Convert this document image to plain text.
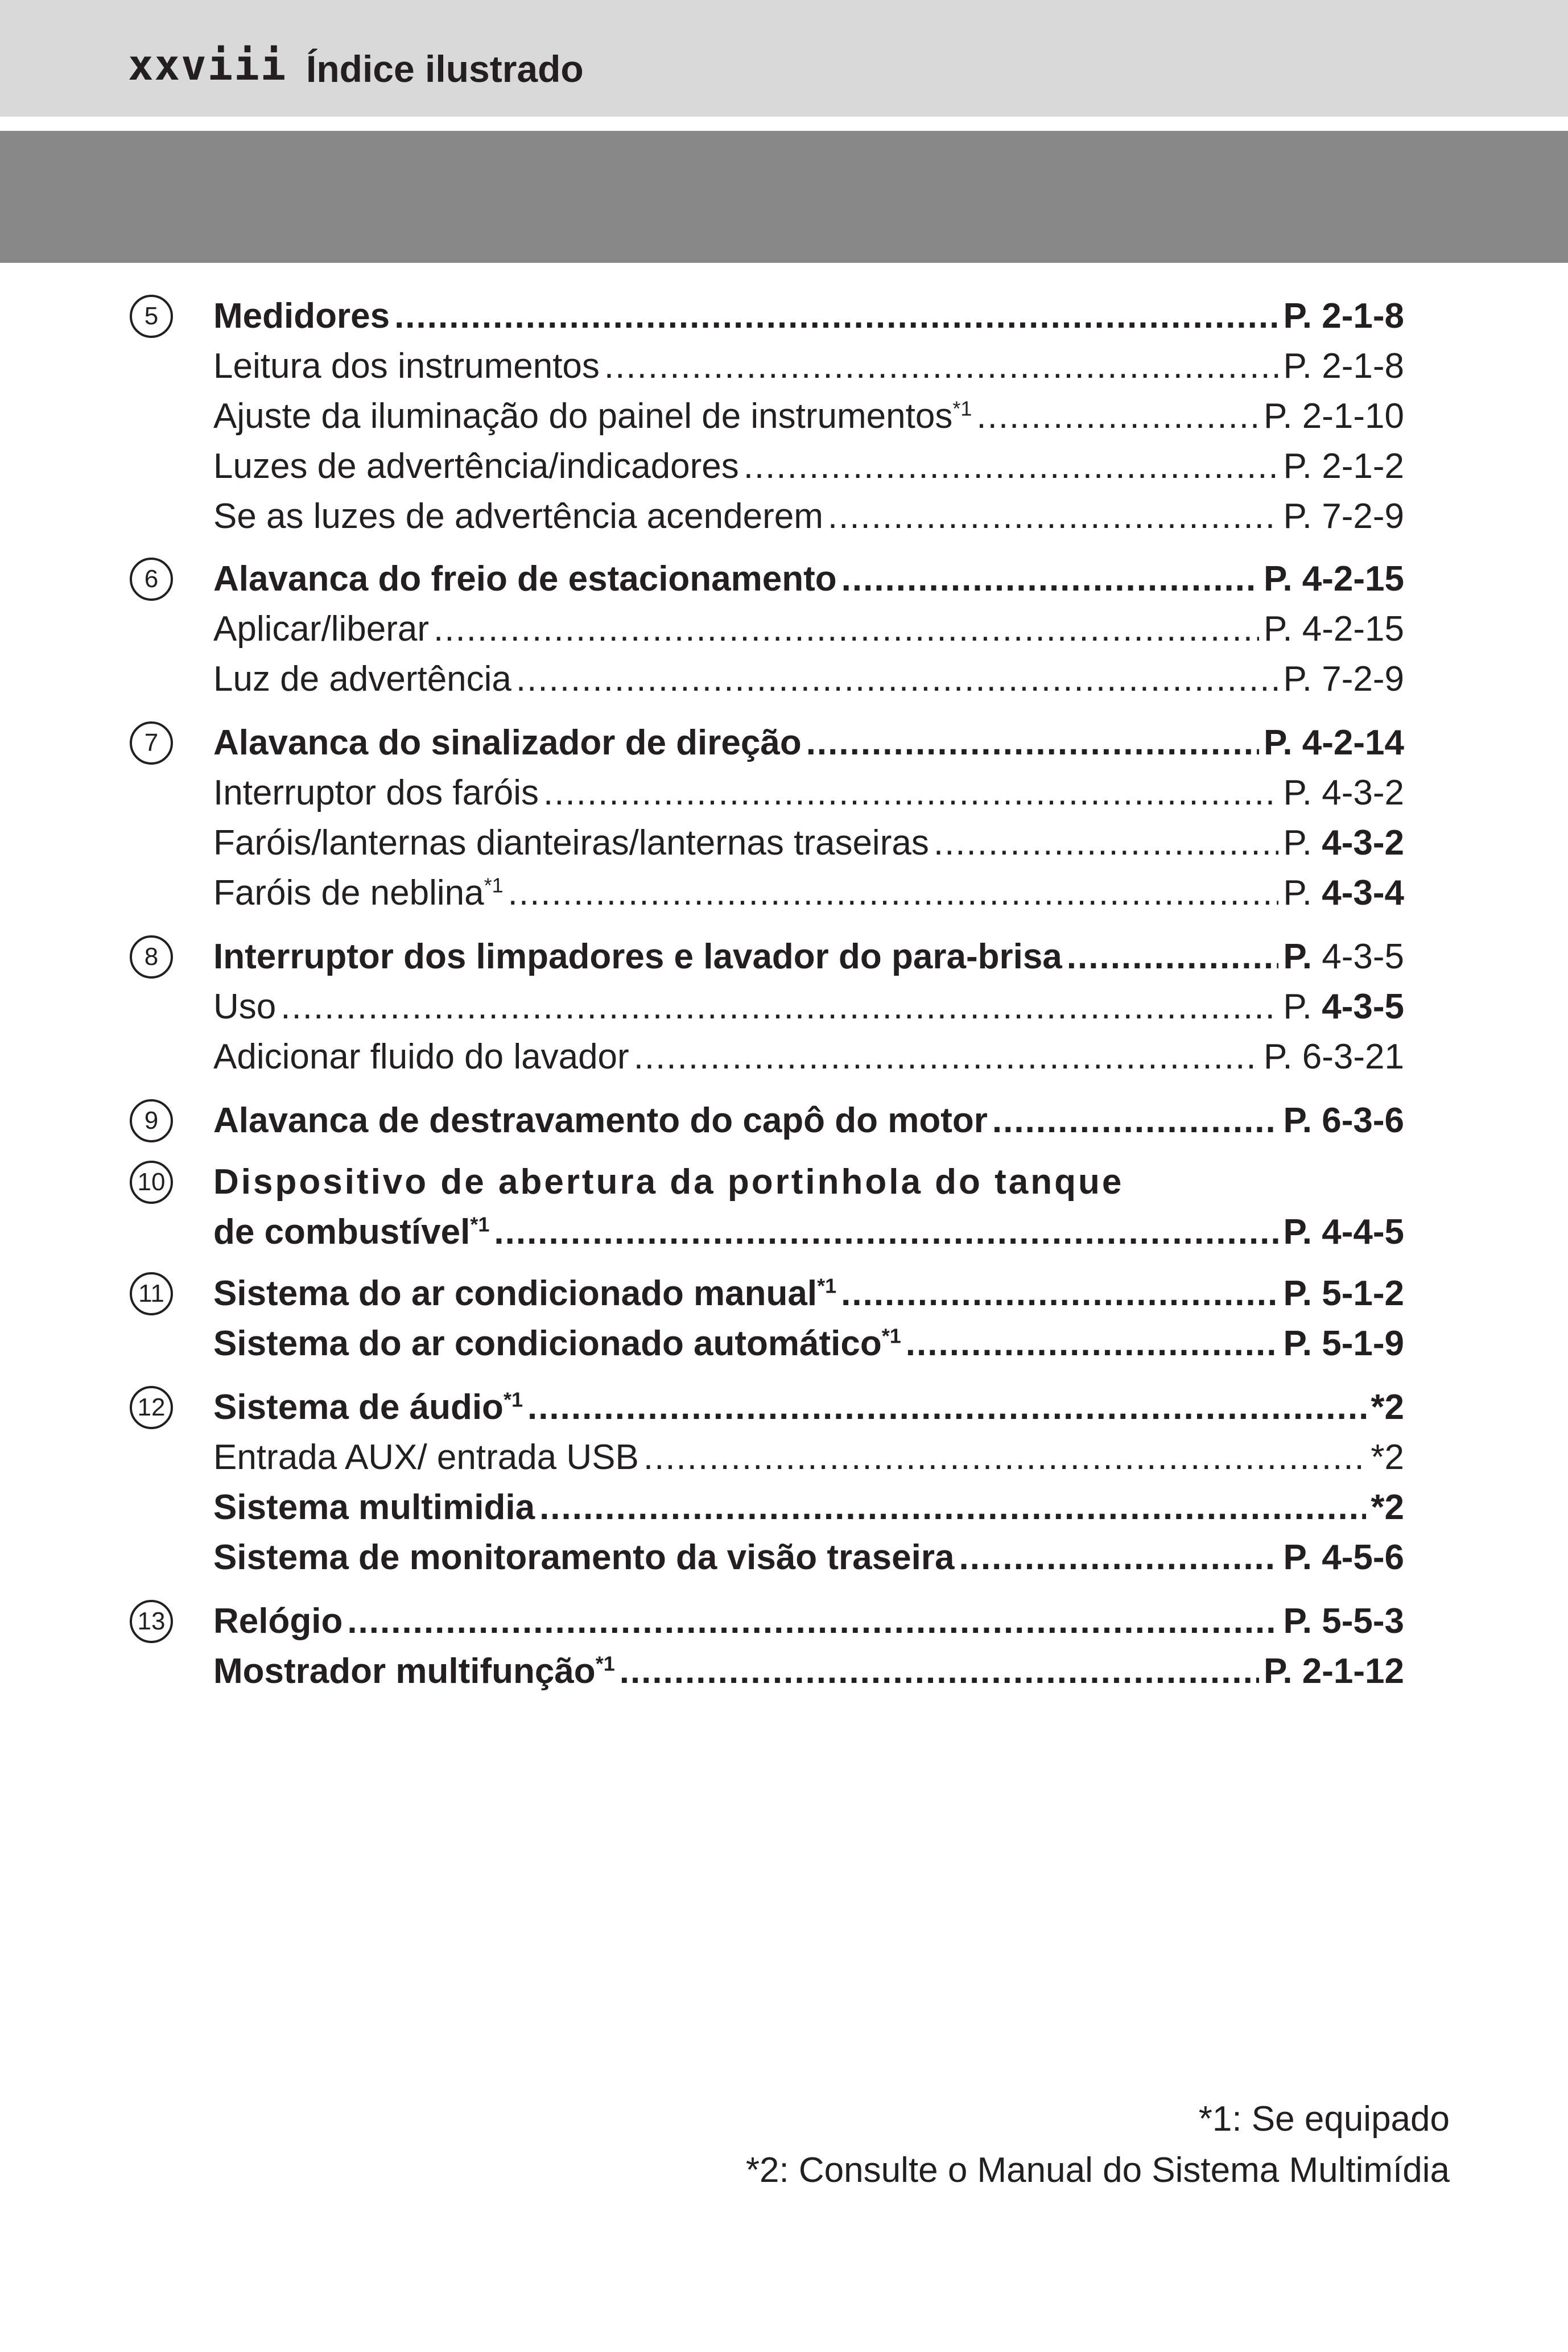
xxviii Índice ilustrado
5	Medidores .....	P. 2-1-8
Leitura dos instrumentos .....	P. 2-1-8
Ajuste da iluminação do painel de instrumentos$^{*1}$ .....	P. 2-1-10
Luzes de advertência/indicadores .....	P. 2-1-2
Se as luzes de advertência acenderem .....	P. 7-2-9
6	Alavanca do freio de estacionamento .....	P. 4-2-15
Aplicar/liberar .....	P. 4-2-15
Luz de advertência .....	P. 7-2-9
7	Alavanca do sinalizador de direção .....	P. 4-2-14
Interruptor dos faróis .....	P. 4-3-2
Faróis/lanternas dianteiras/lanternas traseiras .....	P. 4-3-2
Faróis de neblina$^{*1}$ .....	P. 4-3-4
8	Interruptor dos limpadores e lavador do para-brisa .....	P. 4-3-5
Uso .....	P. 4-3-5
Adicionar fluido do lavador .....	P. 6-3-21
9	Alavanca de destravamento do capô do motor .....	P. 6-3-6
10 Dispositivo de abertura da portinhola do tanque
de combustível$^{*1}$ .....	P. 4-4-5
11 Sistema do ar condicionado manual$^{*1}$ .....	P. 5-1-2
Sistema do ar condicionado automático$^{*1}$ .....	P. 5-1-9
12 Sistema de áudio$^{*1}$ .....	*2
Entrada AUX/ entrada USB .....	*2
Sistema multimidia .....	*2
Sistema de monitoramento da visão traseira .....	P. 4-5-6
13 Relógio .....	P. 5-5-3
Mostrador multifunção$^{*1}$ .....	P. 2-1-12
*1: Se equipado
*2: Consulte o Manual do Sistema Multimídia
